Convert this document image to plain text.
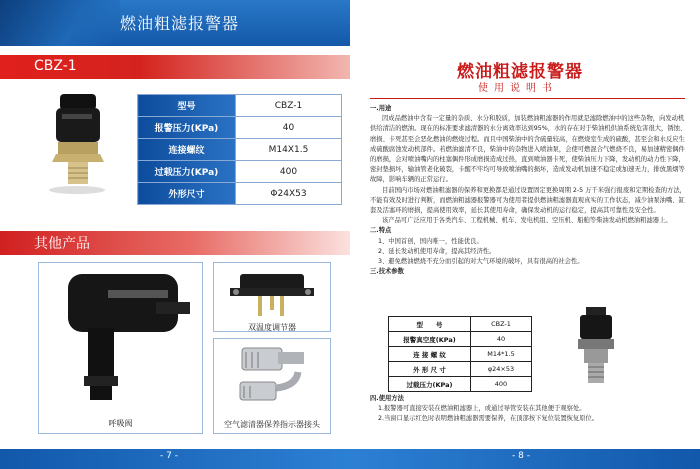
燃油粗滤报警器
CBZ-1
型号	CBZ-1
报警压力(KPa)	40
连接螺纹	M14X1.5
过载压力(KPa)	400
外形尺寸	Φ24X53
其他产品
呼吸阀
双温度调节器
空气滤清器保养指示器接头
- 7 -
燃油粗滤报警器
使用说明书
一.用途
因成品燃油中含有一定量的杂质、水分和胶质，加装燃油粗滤器的作用就是滤除燃油中的这些杂物，向发动机供给清洁的燃油。现在的标准要求滤清器的水分离效率达到95%，水的存在对于柴油机供油系统危害很大，锈蚀、磨损、卡死甚至会恶化燃油的燃烧过程。而且中国柴油中的含硫量较高，在燃烧室生成的硫酸，甚至会和水反应生成硫酸腐蚀发动机部件。若燃油滤清不良，柴油中的杂物进入喷油泵，会使可燃混合气燃烧不良，易加速精密偶件的磨损，会对喷油嘴内的柱塞偶件形成磨损造成过热，直到喷油器卡死，使柴油压力下降，发动机的动力性下降，密封垫损坏，输油管老化破裂，卡醒不牢均可导致喷油嘴的损坏，造成发动机加速不稳定或加速无力，排放黑烟等故障，影响车辆的正常运行。
目前国内市场对燃油粗滤器的保养和更换都是通过设置固定更换周期 2-5 万千米强行报废和定期检查的方法，不能有效及时进行判断，而燃油粗滤器报警器可为使用者提供燃油粗滤器直观真实的工作状态，减少油泵油嘴、缸套及活塞环的磨损，提高使用效率，延长其使用寿命，确保发动机的运行稳定，提高其可靠性及安全性。
该产品可广泛应用于各类汽车、工程机械、机车、发电机组、空压机、船舶等柴油发动机燃油粗滤器上。
二.特点
1、中国首创，国内唯一，性能优良。
2、延长发动机使用寿命，提高其经济性。
3、避免燃油燃烧不充分而引起的对大气环境的破坏，具有很高的社会性。
三.技术参数
型　　号	CBZ-1
报警真空度(KPa)	40
连 接 螺 纹	M14*1.5
外 形 尺 寸	φ24×53
过载压力(KPa)	400
四.使用方法
1.报警器可直接安装在燃油粗滤器上，或通过导管安装在其他便于观察处。
2.当窗口显示红色时表明燃油粗滤器需要保养，在顶部按下复位装置恢复原位。
- 8 -
